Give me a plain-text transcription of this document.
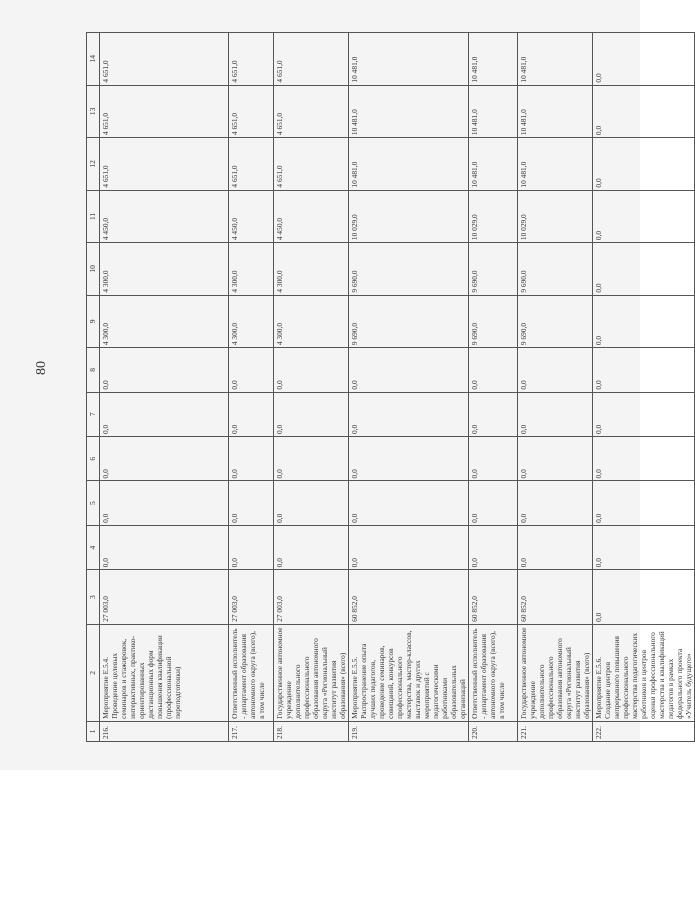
80
1	2	3	4	5	6	7	8	9	10	11	12	13	14
216.	Мероприятие Е.5.4. Проведение целевых семинаров и стажировок, интерактивных, практико-ориентированных дистанционных форм повышения квалификации (профессиональной переподготовки)	27 003,0	0,0	0,0	0,0	0,0	0,0	4 300,0	4 300,0	4 450,0	4 651,0	4 651,0	4 651,0
217.	Ответственный исполнитель - департамент образования автономного округа (всего), в том числе	27 003,0	0,0	0,0	0,0	0,0	0,0	4 300,0	4 300,0	4 450,0	4 651,0	4 651,0	4 651,0
218.	Государственное автономное учреждение дополнительного профессионального образования автономного округа «Региональный институт развития образования» (всего)	27 003,0	0,0	0,0	0,0	0,0	0,0	4 300,0	4 300,0	4 450,0	4 651,0	4 651,0	4 651,0
219.	Мероприятие Е.5.5. Распространение опыта лучших педагогов, проведение семинаров, совещаний, конкурсов профессионального мастерства, мастер-классов, выставок и других мероприятий с педагогическими работниками образовательных организаций	60 852,0	0,0	0,0	0,0	0,0	0,0	9 690,0	9 690,0	10 029,0	10 481,0	10 481,0	10 481,0
220.	Ответственный исполнитель - департамент образования автономного округа (всего), в том числе	60 852,0	0,0	0,0	0,0	0,0	0,0	9 690,0	9 690,0	10 029,0	10 481,0	10 481,0	10 481,0
221.	Государственное автономное учреждение дополнительного профессионального образования автономного округа «Региональный институт развития образования» (всего)	60 852,0	0,0	0,0	0,0	0,0	0,0	9 690,0	9 690,0	10 029,0	10 481,0	10 481,0	10 481,0
222.	Мероприятие Е.5.6. Создание центров непрерывного повышения профессионального мастерства педагогических работников и центров оценки профессионального мастерства и квалификаций педагогов в рамках федерального проекта «Учитель будущего»	0,0	0,0	0,0	0,0	0,0	0,0	0,0	0,0	0,0	0,0	0,0	0,0
